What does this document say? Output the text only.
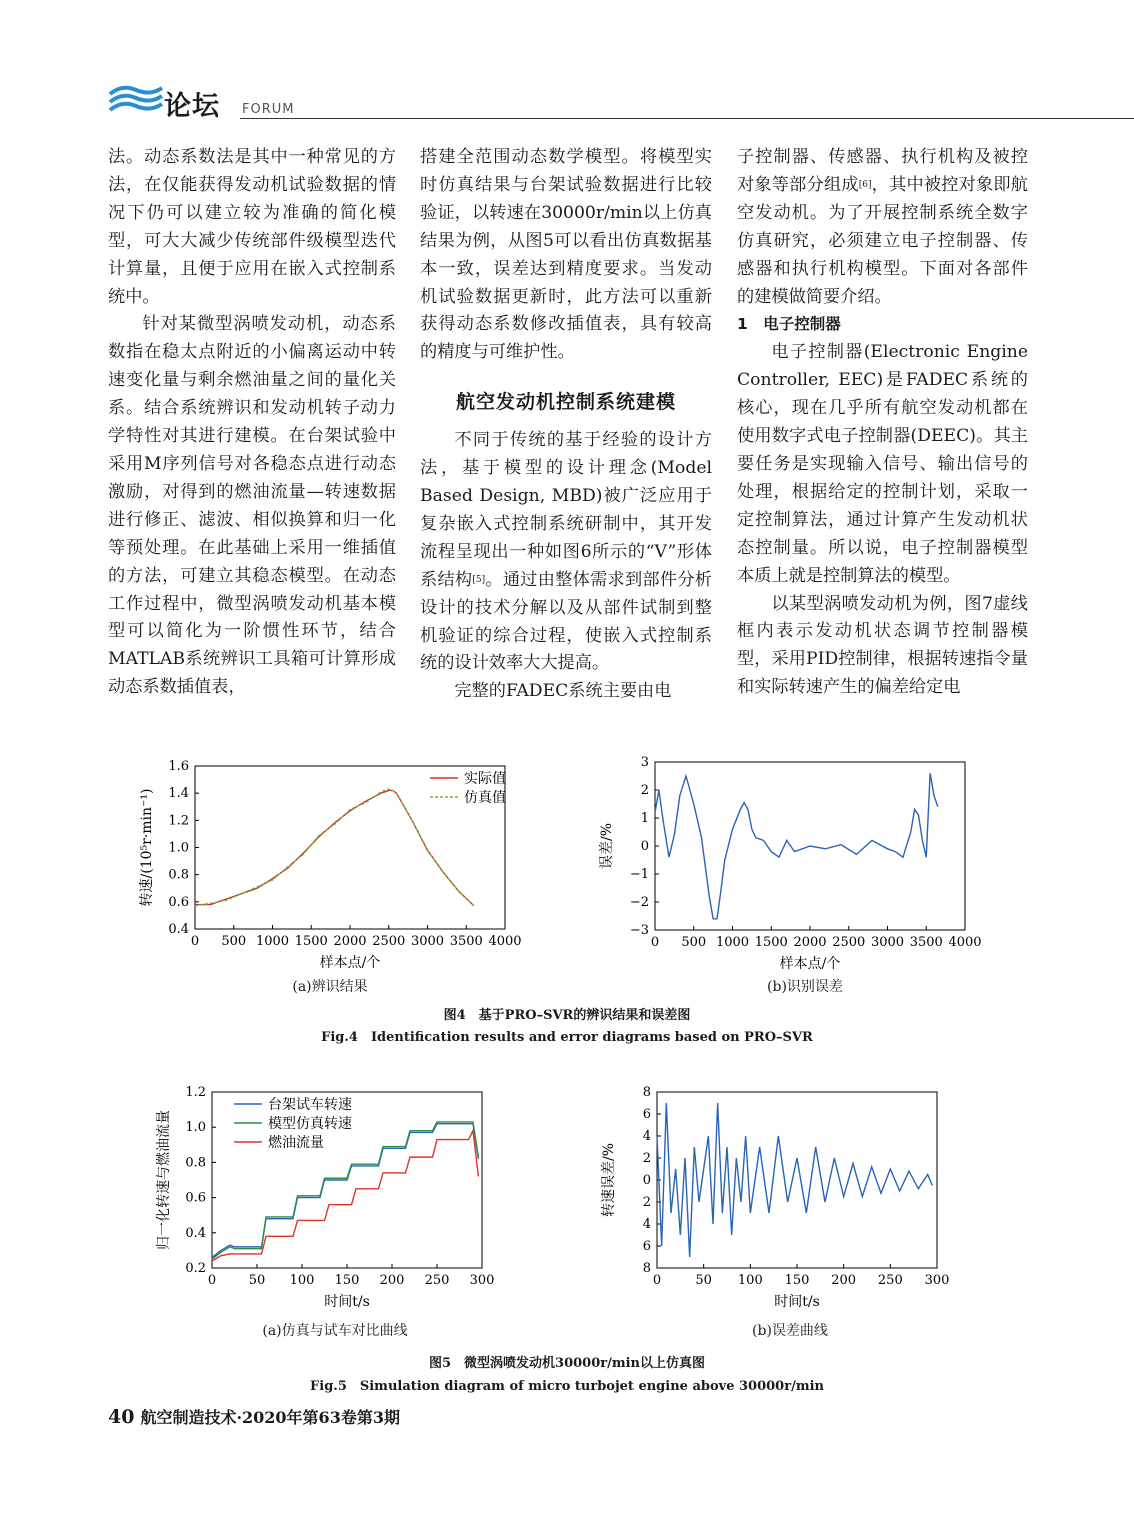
论坛 FORUM

法。动态系数法是其中一种常见的方法，在仅能获得发动机试验数据的情况下仍可以建立较为准确的简化模型，可大大减少传统部件级模型迭代计算量，且便于应用在嵌入式控制系统中。

针对某微型涡喷发动机，动态系数指在稳太点附近的小偏离运动中转速变化量与剩余燃油量之间的量化关系。结合系统辨识和发动机转子动力学特性对其进行建模。在台架试验中采用M序列信号对各稳态点进行动态激励，对得到的燃油流量—转速数据进行修正、滤波、相似换算和归一化等预处理。在此基础上采用一维插值的方法，可建立其稳态模型。在动态工作过程中，微型涡喷发动机基本模型可以简化为一阶惯性环节，结合MATLAB系统辨识工具箱可计算形成动态系数插值表，

搭建全范围动态数学模型。将模型实时仿真结果与台架试验数据进行比较验证，以转速在30000r/min以上仿真结果为例，从图5可以看出仿真数据基本一致，误差达到精度要求。当发动机试验数据更新时，此方法可以重新获得动态系数修改插值表，具有较高的精度与可维护性。

航空发动机控制系统建模

不同于传统的基于经验的设计方法，基于模型的设计理念(Model Based Design, MBD)被广泛应用于复杂嵌入式控制系统研制中，其开发流程呈现出一种如图6所示的“V”形体系结构[5]。通过由整体需求到部件分析设计的技术分解以及从部件试制到整机验证的综合过程，使嵌入式控制系统的设计效率大大提高。

完整的FADEC系统主要由电

子控制器、传感器、执行机构及被控对象等部分组成[6]，其中被控对象即航空发动机。为了开展控制系统全数字仿真研究，必须建立电子控制器、传感器和执行机构模型。下面对各部件的建模做简要介绍。

1　电子控制器

电子控制器(Electronic Engine Controller, EEC)是FADEC系统的核心，现在几乎所有航空发动机都在使用数字式电子控制器(DEEC)。其主要任务是实现输入信号、输出信号的处理，根据给定的控制计划，采取一定控制算法，通过计算产生发动机状态控制量。所以说，电子控制器模型本质上就是控制算法的模型。

以某型涡喷发动机为例，图7虚线框内表示发动机状态调节控制器模型，采用PID控制律，根据转速指令量和实际转速产生的偏差给定电

0 500 1000 1500 2000 2500 3000 3500 4000
0.4
0.6
0.8
1.0
1.2
1.4
1.6
样本点/个
转速/(10⁵r·min⁻¹)
实际值
仿真值
0 500 1000 1500 2000 2500 3000 3500 4000
−3
−2
−1
0
1
2
3
样本点/个
误差/%
(a)辨识结果	(b)识别误差
图4　基于PRO–SVR的辨识结果和误差图
Fig.4　Identification results and error diagrams based on PRO–SVR
0	50 100 150 200 250 300
0.2
0.4
0.6
0.8
1.0
1.2
时间t/s
归一化转速与燃油流量
台架试车转速
模型仿真转速
燃油流量
0	50 100 150 200 250 300
8
6
4
2
0
2
4
6
8
时间t/s
转速误差/%
(a)仿真与试车对比曲线	(b)误差曲线
图5　微型涡喷发动机30000r/min以上仿真图
Fig.5　Simulation diagram of micro turbojet engine above 30000r/min
40 航空制造技术·2020年第63卷第3期
